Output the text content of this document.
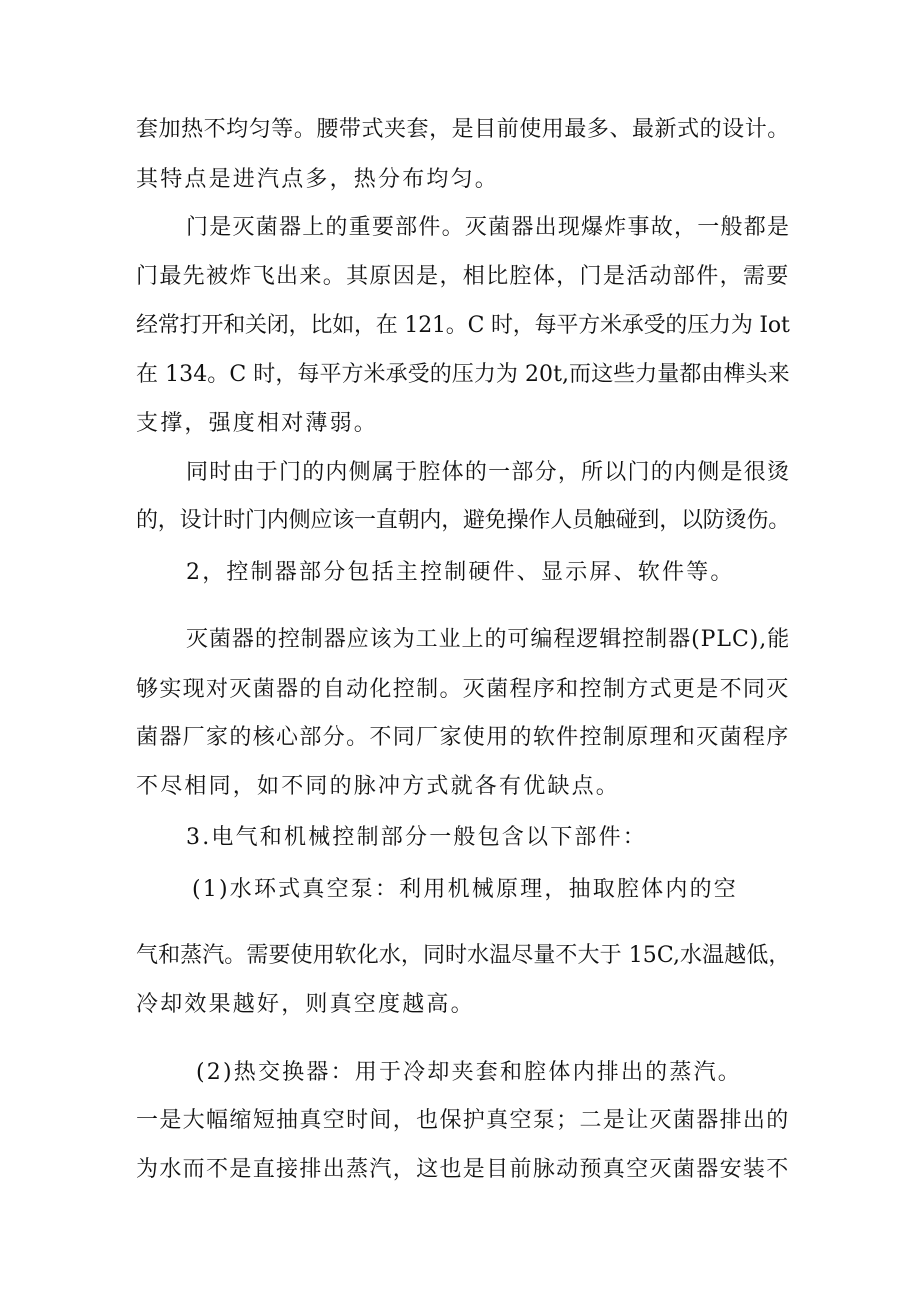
套加热不均匀等。腰带式夹套，是目前使用最多、最新式的设计。
其特点是进汽点多，热分布均匀。
门是灭菌器上的重要部件。灭菌器出现爆炸事故，一般都是
门最先被炸飞出来。其原因是，相比腔体，门是活动部件，需要
经常打开和关闭，比如，在 121。C 时，每平方米承受的压力为 Iot
在 134。C 时，每平方米承受的压力为 20t,而这些力量都由榫头来
支撑，强度相对薄弱。
同时由于门的内侧属于腔体的一部分，所以门的内侧是很烫
的，设计时门内侧应该一直朝内，避免操作人员触碰到，以防烫伤。
2，控制器部分包括主控制硬件、显示屏、软件等。
灭菌器的控制器应该为工业上的可编程逻辑控制器(PLC),能
够实现对灭菌器的自动化控制。灭菌程序和控制方式更是不同灭
菌器厂家的核心部分。不同厂家使用的软件控制原理和灭菌程序
不尽相同，如不同的脉冲方式就各有优缺点。
3.电气和机械控制部分一般包含以下部件：
(1)水环式真空泵：利用机械原理，抽取腔体内的空
气和蒸汽。需要使用软化水，同时水温尽量不大于 15C,水温越低，
冷却效果越好，则真空度越高。
(2)热交换器：用于冷却夹套和腔体内排出的蒸汽。
一是大幅缩短抽真空时间，也保护真空泵；二是让灭菌器排出的
为水而不是直接排出蒸汽，这也是目前脉动预真空灭菌器安装不
